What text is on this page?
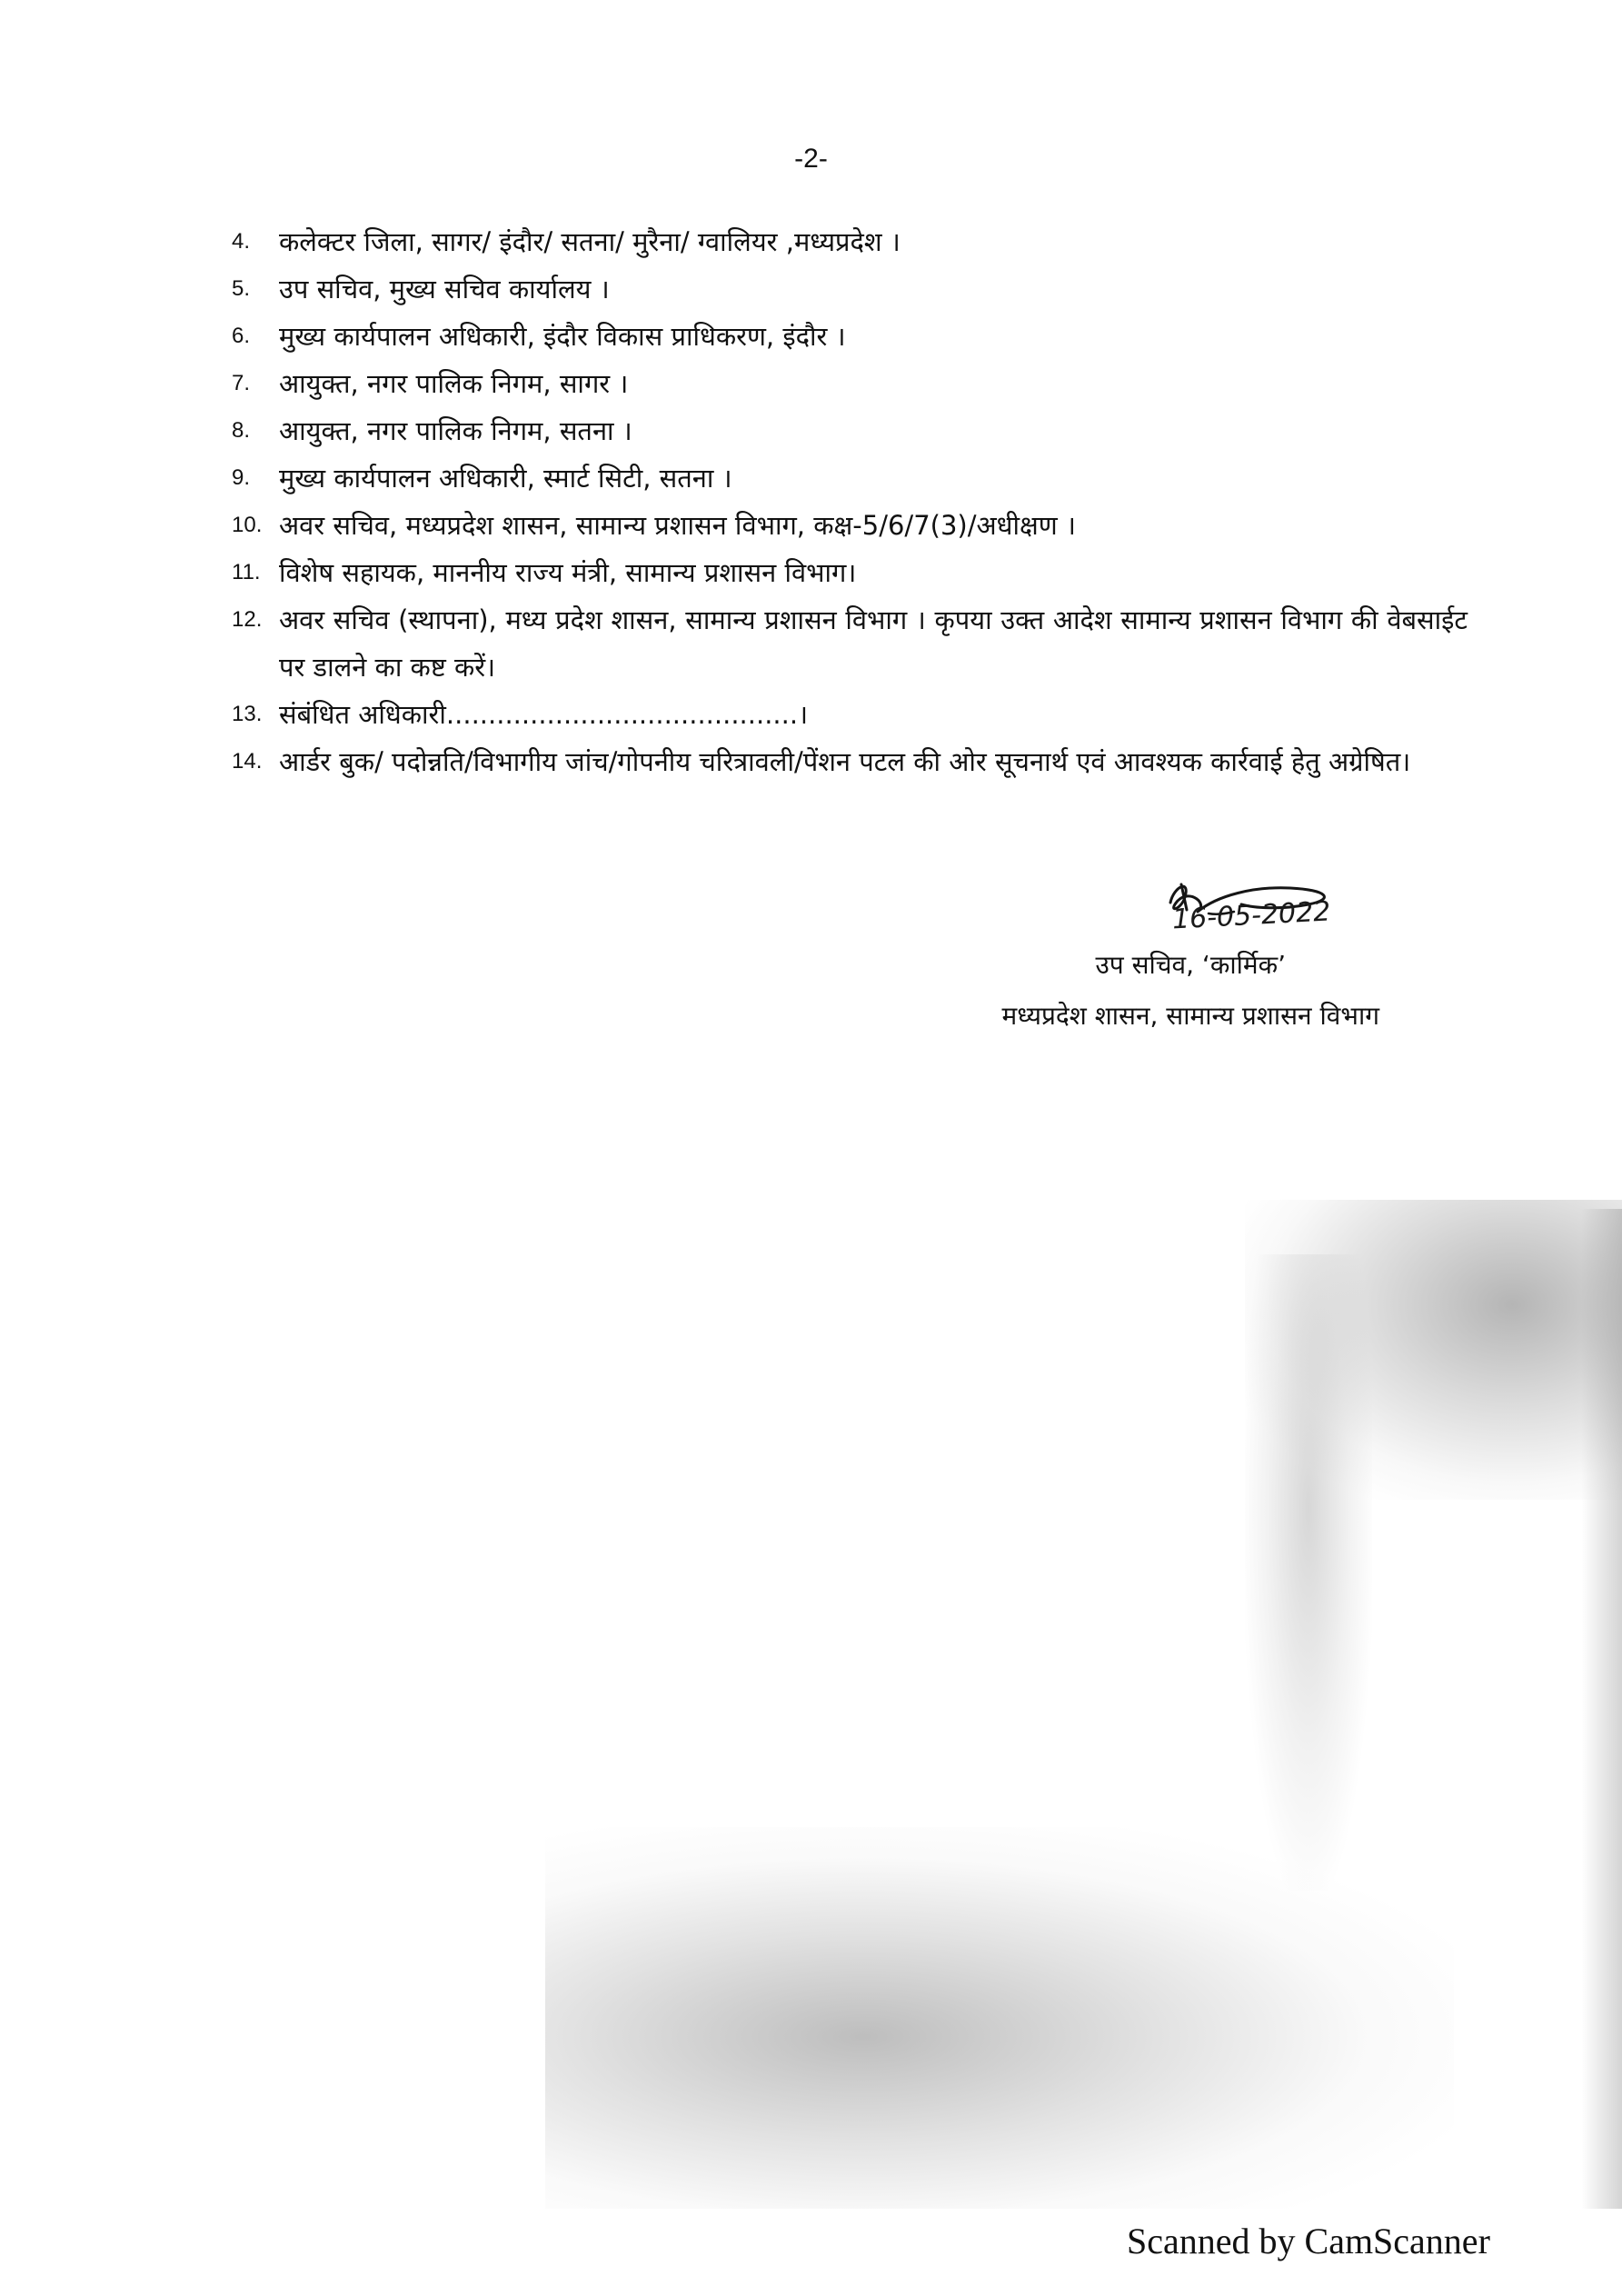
-2-
4.	कलेक्टर जिला, सागर/ इंदौर/ सतना/ मुरैना/ ग्वालियर ,मध्यप्रदेश ।
5.	उप सचिव, मुख्य सचिव कार्यालय ।
6.	मुख्य कार्यपालन अधिकारी, इंदौर विकास प्राधिकरण, इंदौर ।
7.	आयुक्त, नगर पालिक निगम, सागर ।
8.	आयुक्त, नगर पालिक निगम, सतना ।
9.	मुख्य कार्यपालन अधिकारी, स्मार्ट सिटी, सतना ।
10. अवर सचिव, मध्यप्रदेश शासन, सामान्य प्रशासन विभाग, कक्ष-5/6/7(3)/अधीक्षण ।
11. विशेष सहायक, माननीय राज्य मंत्री, सामान्य प्रशासन विभाग।
12. अवर सचिव (स्थापना), मध्य प्रदेश शासन, सामान्य प्रशासन विभाग । कृपया उक्त आदेश सामान्य प्रशासन विभाग की वेबसाईट पर डालने का कष्ट करें।
13. संबंधित अधिकारी..........................................।
14. आर्डर बुक/ पदोन्नति/विभागीय जांच/गोपनीय चरित्रावली/पेंशन पटल की ओर सूचनार्थ एवं आवश्यक कार्रवाई हेतु अग्रेषित।
16-05-2022
उप सचिव, ‘कार्मिक’
मध्यप्रदेश शासन, सामान्य प्रशासन विभाग
Scanned by CamScanner
